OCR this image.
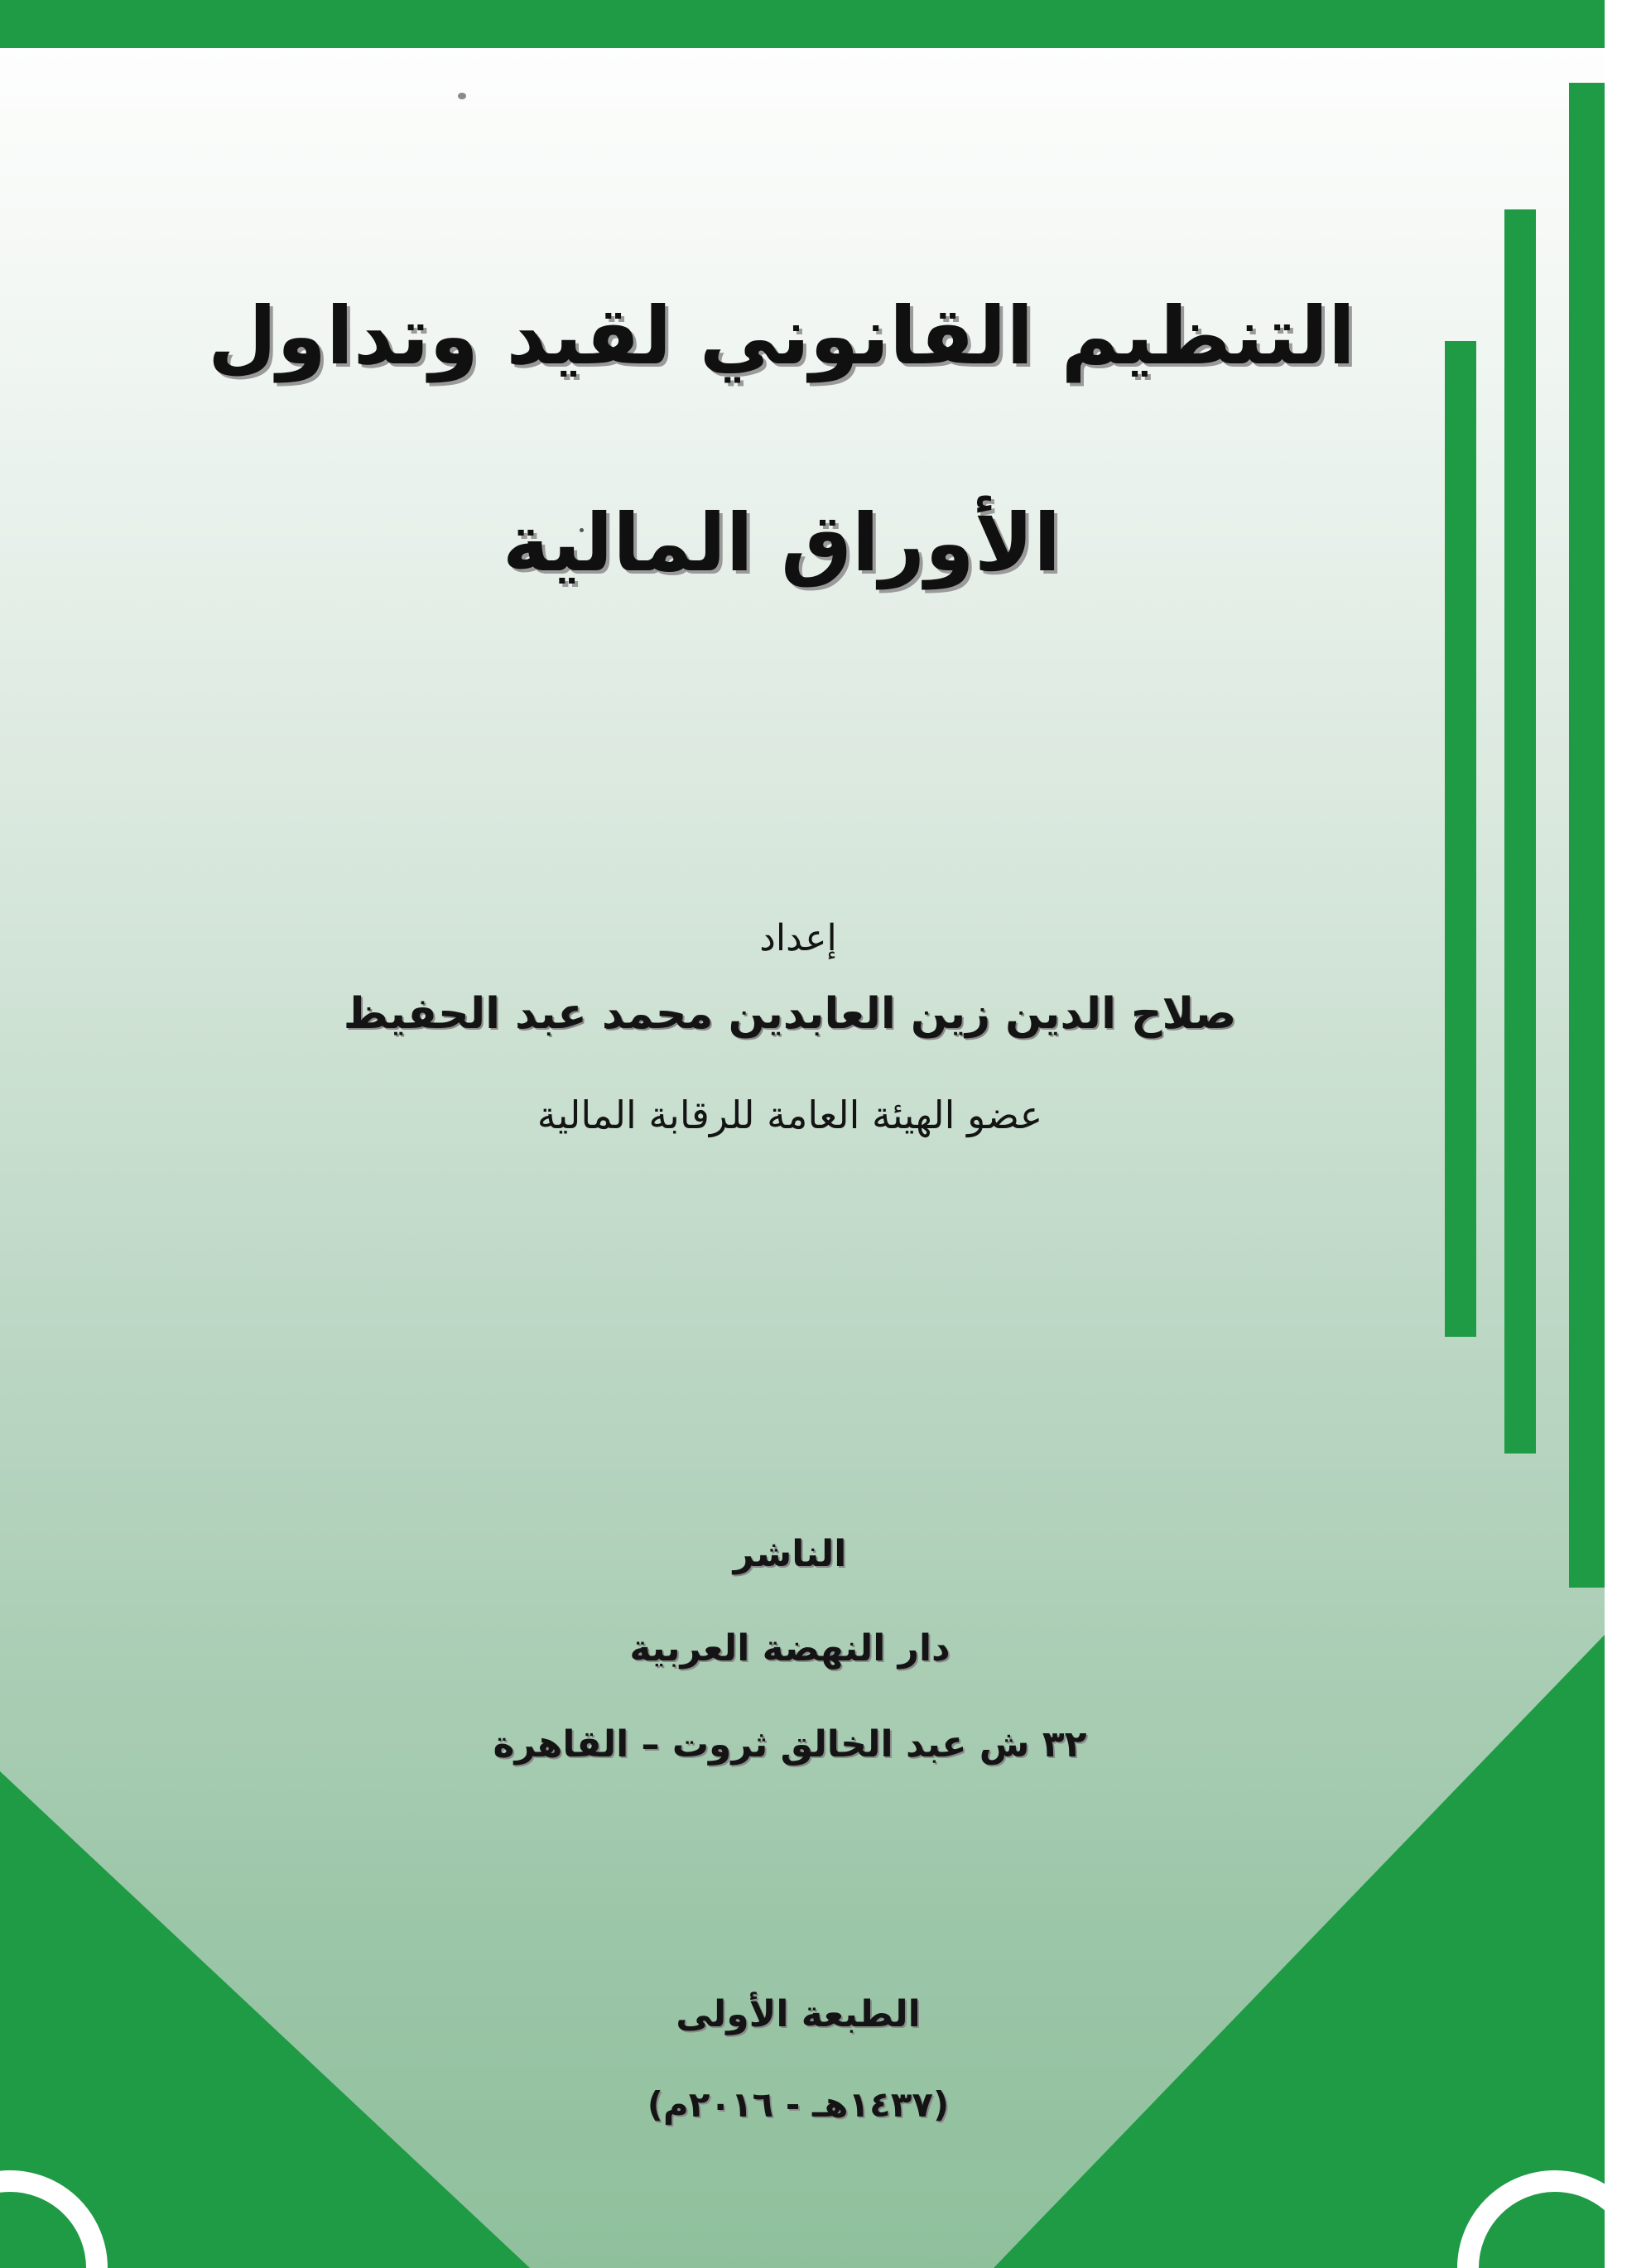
التنظيم القانوني لقيد وتداول
الأوراق المالية
إعداد
صلاح الدين زين العابدين محمد عبد الحفيظ
عضو الهيئة العامة للرقابة المالية
الناشر
دار النهضة العربية
٣٢ ش عبد الخالق ثروت – القاهرة
الطبعة الأولى
(١٤٣٧هـ - ٢٠١٦م)
